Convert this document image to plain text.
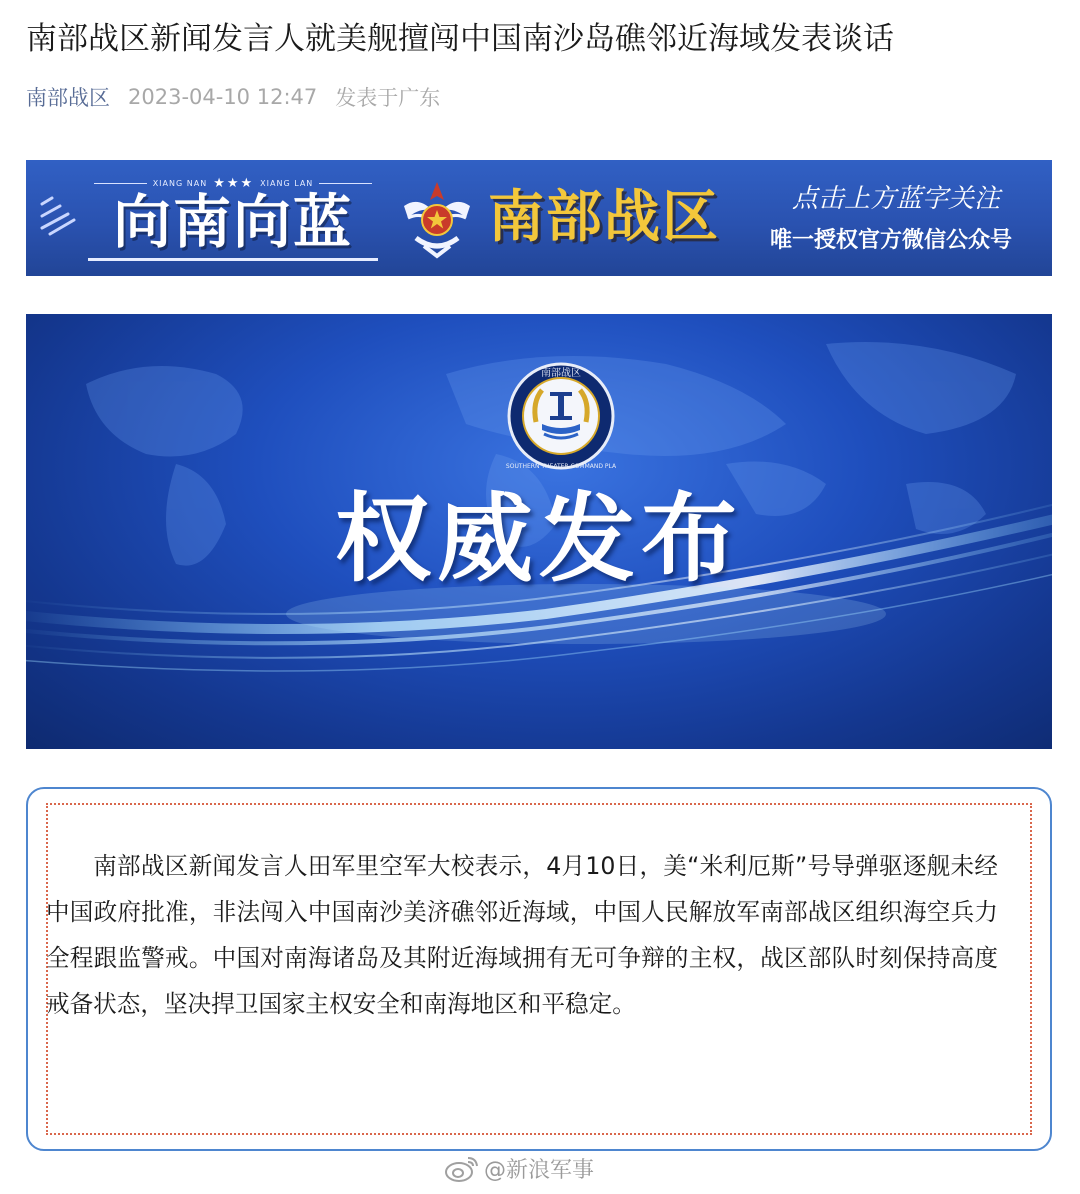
南部战区新闻发言人就美舰擅闯中国南沙岛礁邻近海域发表谈话
南部战区 2023-04-10 12:47 发表于广东
XIANG NAN ★★★ XIANG LAN
向南向蓝	南部战区	点击上方蓝字关注
唯一授权官方微信公众号
南部战区
SOUTHERN THEATER COMMAND PLA
权威发布

南部战区新闻发言人田军里空军大校表示，4月10日，美“米利厄斯”号导弹驱逐舰未经中国政府批准，非法闯入中国南沙美济礁邻近海域，中国人民解放军南部战区组织海空兵力全程跟监警戒。中国对南海诸岛及其附近海域拥有无可争辩的主权，战区部队时刻保持高度戒备状态，坚决捍卫国家主权安全和南海地区和平稳定。

@新浪军事
